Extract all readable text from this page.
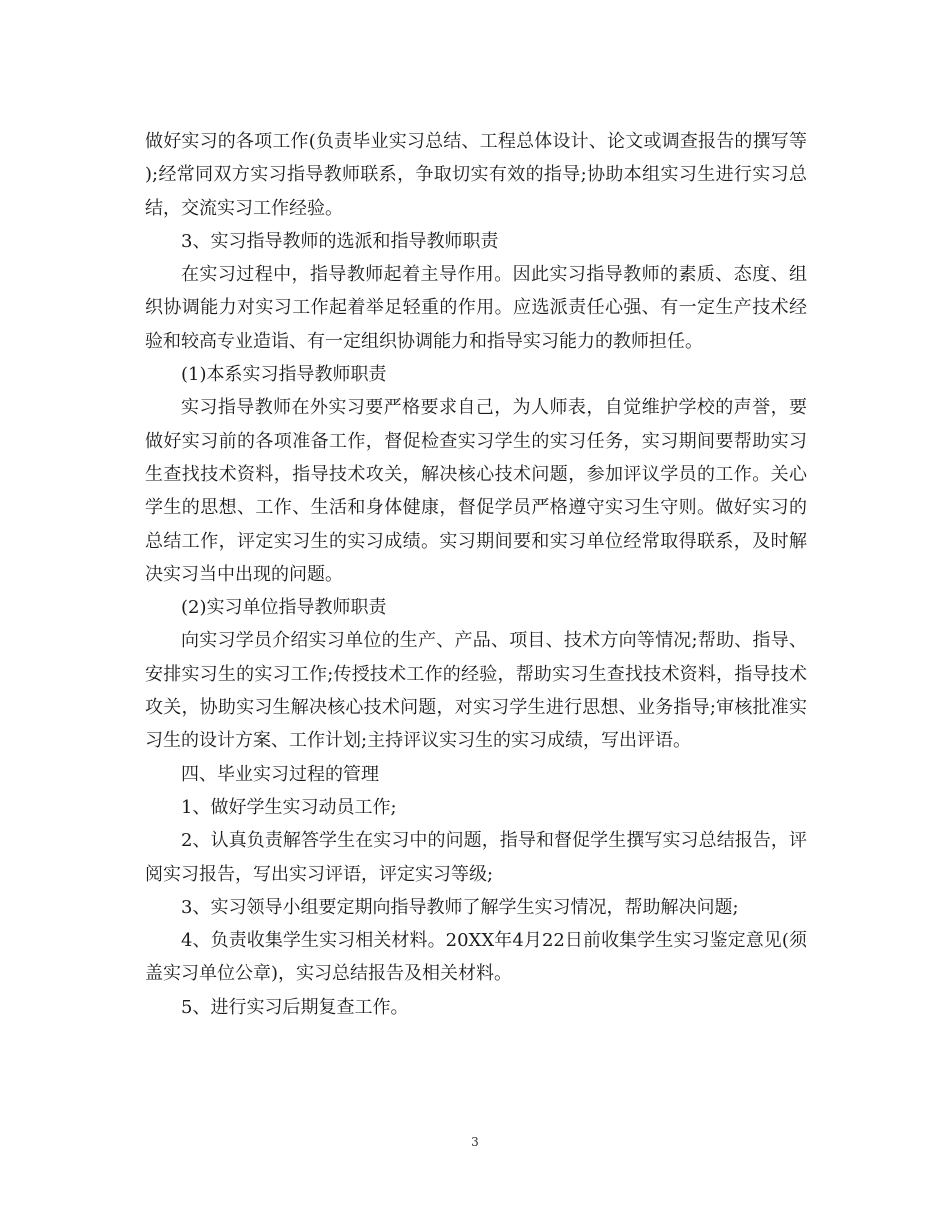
做好实习的各项工作(负责毕业实习总结、工程总体设计、论文或调查报告的撰写等);经常同双方实习指导教师联系，争取切实有效的指导;协助本组实习生进行实习总结，交流实习工作经验。

3、实习指导教师的选派和指导教师职责

在实习过程中，指导教师起着主导作用。因此实习指导教师的素质、态度、组织协调能力对实习工作起着举足轻重的作用。应选派责任心强、有一定生产技术经验和较高专业造诣、有一定组织协调能力和指导实习能力的教师担任。

(1)本系实习指导教师职责

实习指导教师在外实习要严格要求自己，为人师表，自觉维护学校的声誉，要做好实习前的各项准备工作，督促检查实习学生的实习任务，实习期间要帮助实习生查找技术资料，指导技术攻关，解决核心技术问题，参加评议学员的工作。关心学生的思想、工作、生活和身体健康，督促学员严格遵守实习生守则。做好实习的总结工作，评定实习生的实习成绩。实习期间要和实习单位经常取得联系，及时解决实习当中出现的问题。

(2)实习单位指导教师职责

向实习学员介绍实习单位的生产、产品、项目、技术方向等情况;帮助、指导、安排实习生的实习工作;传授技术工作的经验，帮助实习生查找技术资料，指导技术攻关，协助实习生解决核心技术问题，对实习学生进行思想、业务指导;审核批准实习生的设计方案、工作计划;主持评议实习生的实习成绩，写出评语。

四、毕业实习过程的管理

1、做好学生实习动员工作;

2、认真负责解答学生在实习中的问题，指导和督促学生撰写实习总结报告，评阅实习报告，写出实习评语，评定实习等级;

3、实习领导小组要定期向指导教师了解学生实习情况，帮助解决问题;

4、负责收集学生实习相关材料。20XX年4月22日前收集学生实习鉴定意见(须盖实习单位公章)，实习总结报告及相关材料。

5、进行实习后期复查工作。

3
